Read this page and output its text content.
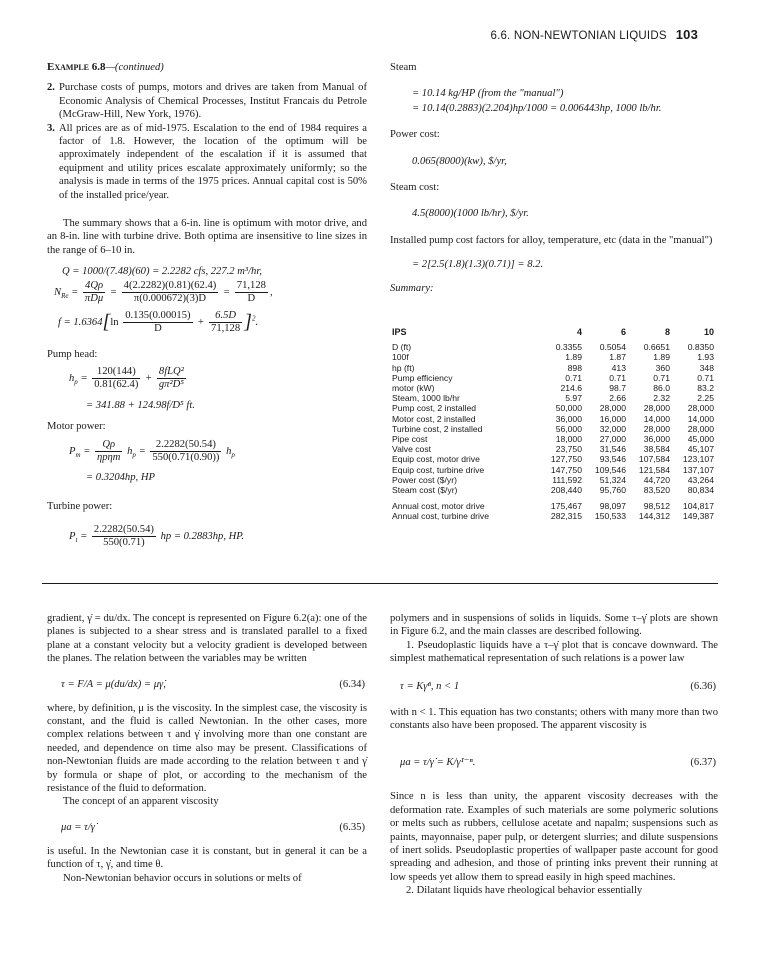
6.6. NON-NEWTONIAN LIQUIDS 103
Example 6.8—(continued)
2. Purchase costs of pumps, motors and drives are taken from Manual of Economic Analysis of Chemical Processes, Institut Francais du Petrole (McGraw-Hill, New York, 1976).
3. All prices are as of mid-1975. Escalation to the end of 1984 requires a factor of 1.8. However, the location of the optimum will be approximately independent of the escalation if it is assumed that equipment and utility prices escalate approximately uniformly; so the analysis is made in terms of the 1975 prices. Annual capital cost is 50% of the installed price/year.

The summary shows that a 6-in. line is optimum with motor drive, and an 8-in. line with turbine drive. Both optima are insensitive to line sizes in the range of 6–10 in.

Q = 1000/(7.48)(60) = 2.2282 cfs, 227.2 m³/hr,
$N_{Re} = \frac{4Q\rho}{\text{πDμ}} = \frac{4(2.2282)(0.81)(62.4)}{\pi(0.000672)(3)D} = \frac{71,128}{D}$ ,
$f = 1.6364[\ln \frac{0.135(0.00015)}{D} + \frac{6.5D}{71,128} ]^2$.
Pump head:
$h_p = \frac{120(144)}{0.81(62.4)} + \frac{\text{8fLQ²}}{\text{gπ²D⁵}}$
= 341.88 + 124.98f/D⁵ ft.
Motor power:
$P_m = \frac{Q\rho}{\text{ηpηm}} h_p = \frac{2.2282(50.54)}{550(0.71(0.90))} h_p$
= 0.3204hp, HP
Turbine power:
$P_t = \frac{2.2282(50.54)}{550(0.71)}$ hp = 0.2883hp, HP.
Steam
= 10.14 kg/HP (from the "manual")
= 10.14(0.2883)(2.204)hp/1000 = 0.006443hp, 1000 lb/hr.
Power cost:
0.065(8000)(kw), $/yr,
Steam cost:
4.5(8000)(1000 lb/hr), $/yr.
Installed pump cost factors for alloy, temperature, etc (data in the "manual")
= 2[2.5(1.8)(1.3)(0.71)] = 8.2.
Summary:
IPS	4	6	8	10
D (ft)	0.3355	0.5054	0.6651	0.8350
100f	1.89	1.87	1.89	1.93
hp (ft)	898	413	360	348
Pump efficiency	0.71	0.71	0.71	0.71
motor (kW)	214.6	98.7	86.0	83.2
Steam, 1000 lb/hr	5.97	2.66	2.32	2.25
Pump cost, 2 installed	50,000	28,000	28,000	28,000
Motor cost, 2 installed	36,000	16,000	14,000	14,000
Turbine cost, 2 installed	56,000	32,000	28,000	28,000
Pipe cost	18,000	27,000	36,000	45,000
Valve cost	23,750	31,546	38,584	45,107
Equip cost, motor drive	127,750	93,546	107,584	123,107
Equip cost, turbine drive	147,750	109,546	121,584	137,107
Power cost ($/yr)	111,592	51,324	44,720	43,264
Steam cost ($/yr)	208,440	95,760	83,520	80,834
Annual cost, motor drive	175,467	98,097	98,512	104,817
Annual cost, turbine drive	282,315	150,533	144,312	149,387

gradient, γ̇ = du/dx. The concept is represented on Figure 6.2(a): one of the planes is subjected to a shear stress and is translated parallel to a fixed plane at a constant velocity but a velocity gradient is developed between the planes. The relation between the variables may be written

τ = F/A = μ(du/dx) = μγ̇,	(6.34)

where, by definition, μ is the viscosity. In the simplest case, the viscosity is constant, and the fluid is called Newtonian. In the other cases, more complex relations between τ and γ̇ involving more than one constant are needed, and dependence on time also may be present. Classifications of non-Newtonian fluids are made according to the relation between τ and γ̇ by formula or shape of plot, or according to the mechanism of the resistance of the fluid to deformation.

The concept of an apparent viscosity

μa = τ/γ̇	(6.35)

is useful. In the Newtonian case it is constant, but in general it can be a function of τ, γ̇, and time θ.

Non-Newtonian behavior occurs in solutions or melts of

polymers and in suspensions of solids in liquids. Some τ–γ̇ plots are shown in Figure 6.2, and the main classes are described following.

1. Pseudoplastic liquids have a τ–γ̇ plot that is concave downward. The simplest mathematical representation of such relations is a power law

τ = Kγ̇ⁿ, n < 1	(6.36)

with n < 1. This equation has two constants; others with many more than two constants also have been proposed. The apparent viscosity is

μa = τ/γ̇ = K/γ̇¹⁻ⁿ.	(6.37)

Since n is less than unity, the apparent viscosity decreases with the deformation rate. Examples of such materials are some polymeric solutions or melts such as rubbers, cellulose acetate and napalm; suspensions such as paints, mayonnaise, paper pulp, or detergent slurries; and dilute suspensions of inert solids. Pseudoplastic properties of wallpaper paste account for good spreading and adhesion, and those of printing inks prevent their running at low speeds yet allow them to spread easily in high speed machines.

2. Dilatant liquids have rheological behavior essentially
